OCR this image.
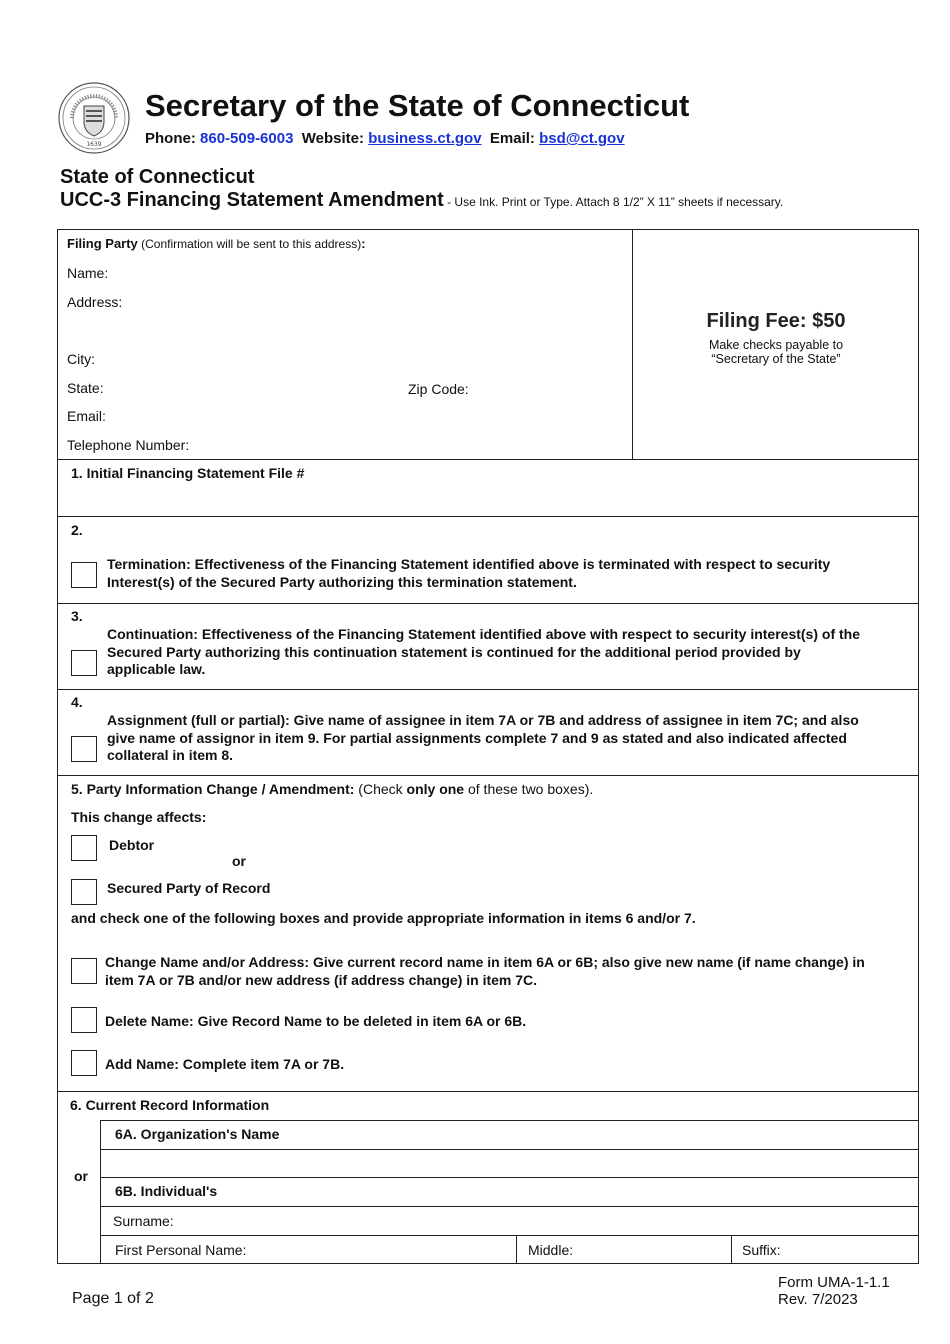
1639
Secretary of the State of Connecticut
Phone: 860-509-6003 Website: business.ct.gov Email: bsd@ct.gov
State of Connecticut
UCC-3 Financing Statement Amendment - Use Ink. Print or Type. Attach 8 1/2” X 11” sheets if necessary.
Filing Party (Confirmation will be sent to this address):
Name:
Address:
City:
State:	Zip Code:
Email:
Telephone Number:
Filing Fee: $50
Make checks payable to
“Secretary of the State”
1. Initial Financing Statement File #
2.
Termination: Effectiveness of the Financing Statement identified above is terminated with respect to security Interest(s) of the Secured Party authorizing this termination statement.
3.
Continuation: Effectiveness of the Financing Statement identified above with respect to security interest(s) of the Secured Party authorizing this continuation statement is continued for the additional period provided by applicable law.
4.
Assignment (full or partial): Give name of assignee in item 7A or 7B and address of assignee in item 7C; and also give name of assignor in item 9. For partial assignments complete 7 and 9 as stated and also indicated affected collateral in item 8.
5. Party Information Change / Amendment: (Check only one of these two boxes).
This change affects:
Debtor
or
Secured Party of Record
and check one of the following boxes and provide appropriate information in items 6 and/or 7.
Change Name and/or Address: Give current record name in item 6A or 6B; also give new name (if name change) in item 7A or 7B and/or new address (if address change) in item 7C.
Delete Name: Give Record Name to be deleted in item 6A or 6B.
Add Name: Complete item 7A or 7B.
6. Current Record Information
or
6A. Organization's Name
6B. Individual's
Surname:
First Personal Name:	Middle:	Suffix:
Page 1 of 2
Form UMA-1-1.1
Rev. 7/2023
